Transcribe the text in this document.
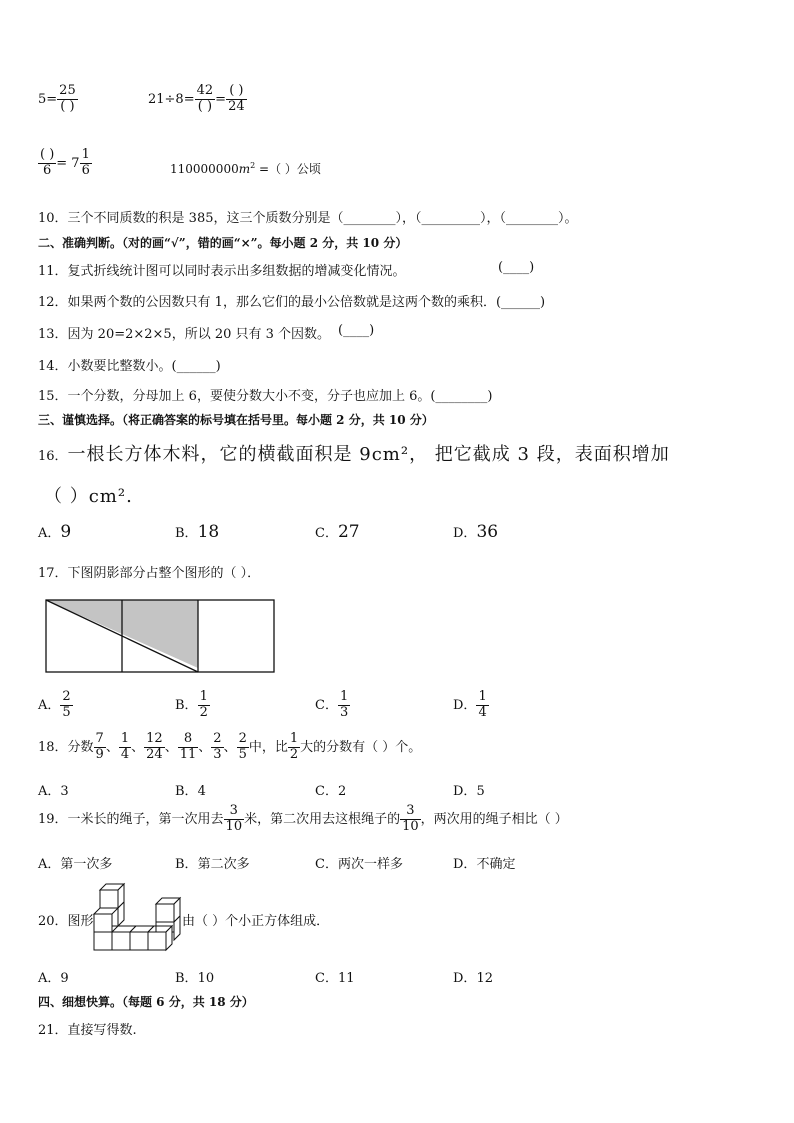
$5= \frac{25}{( )}$	$21\div 8= \frac{42}{( )} = \frac{( )}{24}$
$\frac{( )}{6} = 7 \frac{1}{6}$	$110000000m^2$ =（ ）公顷
10．三个不同质数的积是 385，这三个质数分别是（________），（_________），（________）。
二、准确判断。（对的画“√”，错的画“×”。每小题 2 分，共 10 分）
11．复式折线统计图可以同时表示出多组数据的增减变化情况。	(____)
12．如果两个数的公因数只有 1，那么它们的最小公倍数就是这两个数的乘积．(______)
13．因为 20=2×2×5，所以 20 只有 3 个因数。 (____)
14．小数要比整数小。(______)
15．一个分数，分母加上 6，要使分数大小不变，分子也应加上 6。(________)
三、谨慎选择。（将正确答案的标号填在括号里。每小题 2 分，共 10 分）
16．一根长方体木料，它的横截面积是 9cm²， 把它截成 3 段，表面积增加
（ ）cm².
A．9	B．18	C．27	D．36
17．下图阴影部分占整个图形的（ ）．
A． $\frac{2}{5}$	B． $\frac{1}{2}$	C． $\frac{1}{3}$	D． $\frac{1}{4}$
18．分数 $\frac{7}{9}$ 、 $\frac{1}{4}$ 、 $\frac{12}{24}$ 、 $\frac{8}{11}$ 、 $\frac{2}{3}$ 、 $\frac{2}{5}$ 中，比 $\frac{1}{2}$ 大的分数有（ ）个。
A．3	B．4	C．2	D．5
19．一米长的绳子，第一次用去 $\frac{3}{10}$ 米，第二次用去这根绳子的 $\frac{3}{10}$ ，两次用的绳子相比（ ）
A．第一次多	B．第二次多	C．两次一样多	D．不确定
20．图形	由（ ）个小正方体组成．
A．9	B．10	C．11	D．12
四、细想快算。（每题 6 分，共 18 分）
21．直接写得数.
